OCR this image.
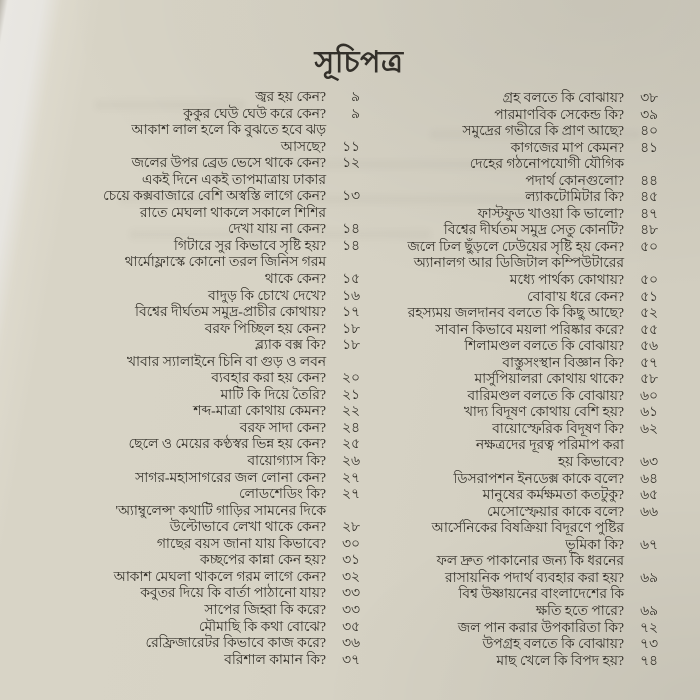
সূচিপত্র
জ্বর হয় কেন?	৯
কুকুর ঘেউ ঘেউ করে কেন?	৯
আকাশ লাল হলে কি বুঝতে হবে ঝড়
আসছে?	১১
জলের উপর ব্রেড ভেসে থাকে কেন?	১২
একই দিনে একই তাপমাত্রায় ঢাকার
চেয়ে কক্সবাজারে বেশি অস্বস্তি লাগে কেন?	১৩
রাতে মেঘলা থাকলে সকালে শিশির
দেখা যায় না কেন?	১৪
গিটারে সুর কিভাবে সৃষ্টি হয়?	১৪
থার্মোফ্লাস্কে কোনো তরল জিনিস গরম
থাকে কেন?	১৫
বাদুড় কি চোখে দেখে?	১৬
বিশ্বের দীর্ঘতম সমুদ্র-প্রাচীর কোথায়?	১৭
বরফ পিচ্ছিল হয় কেন?	১৮
ব্ল্যাক বক্স কি?	১৮
খাবার স্যালাইনে চিনি বা গুড় ও লবন
ব্যবহার করা হয় কেন?	২০
মাটি কি দিয়ে তৈরি?	২১
শব্দ-মাত্রা কোথায় কেমন?	২২
বরফ সাদা কেন?	২৪
ছেলে ও মেয়ের কণ্ঠস্বর ভিন্ন হয় কেন?	২৫
বায়োগ্যাস কি?	২৬
সাগর-মহাসাগরের জল লোনা কেন?	২৭
লোডশেডিং কি?	২৭
'অ্যাম্বুলেন্স' কথাটি গাড়ির সামনের দিকে
উল্টোভাবে লেখা থাকে কেন?	২৮
গাছের বয়স জানা যায় কিভাবে?	৩০
কচ্ছপের কান্না কেন হয়?	৩১
আকাশ মেঘলা থাকলে গরম লাগে কেন?	৩২
কবুতর দিয়ে কি বার্তা পাঠানো যায়?	৩৩
সাপের জিহ্বা কি করে?	৩৩
মৌমাছি কি কথা বোঝে?	৩৫
রেফ্রিজারেটর কিভাবে কাজ করে?	৩৬
বরিশাল কামান কি?	৩৭
গ্রহ বলতে কি বোঝায়?	৩৮
পারমাণবিক সেকেন্ড কি?	৩৯
সমুদ্রের গভীরে কি প্রাণ আছে?	৪০
কাগজের মাপ কেমন?	৪১
দেহের গঠনোপযোগী যৌগিক
পদার্থ কোনগুলো?	৪৪
ল্যাকটোমিটার কি?	৪৫
ফাস্টফুড খাওয়া কি ভালো?	৪৭
বিশ্বের দীর্ঘতম সমুদ্র সেতু কোনটি?	৪৮
জলে ঢিল ছুঁড়লে ঢেউয়ের সৃষ্টি হয় কেন?	৫০
অ্যানালগ আর ডিজিটাল কম্পিউটারের
মধ্যে পার্থক্য কোথায়?	৫০
বোবা'য় ধরে কেন?	৫১
রহস্যময় জলদানব বলতে কি কিছু আছে?	৫২
সাবান কিভাবে ময়লা পরিষ্কার করে?	৫৫
শিলামণ্ডল বলতে কি বোঝায়?	৫৬
বাস্তুসংস্থান বিজ্ঞান কি?	৫৭
মার্সুপিয়ালরা কোথায় থাকে?	৫৮
বারিমণ্ডল বলতে কি বোঝায়?	৬০
খাদ্য বিদূষণ কোথায় বেশি হয়?	৬১
বায়োস্ফেরিক বিদূষণ কি?	৬২
নক্ষত্রদের দূরত্ব পরিমাপ করা
হয় কিভাবে?	৬৩
ডিসরাপশন ইনডেক্স কাকে বলে?	৬৪
মানুষের কর্মক্ষমতা কতটুকু?	৬৫
মেসোস্ফেয়ার কাকে বলে?	৬৬
আর্সেনিকের বিষক্রিয়া বিদূরণে পুষ্টির
ভূমিকা কি?	৬৭
ফল দ্রুত পাকানোর জন্য কি ধরনের
রাসায়নিক পদার্থ ব্যবহার করা হয়?	৬৯
বিশ্ব উষ্ণায়নের বাংলাদেশের কি
ক্ষতি হতে পারে?	৬৯
জল পান করার উপকারিতা কি?	৭২
উপগ্রহ বলতে কি বোঝায়?	৭৩
মাছ খেলে কি বিপদ হয়?	৭৪
